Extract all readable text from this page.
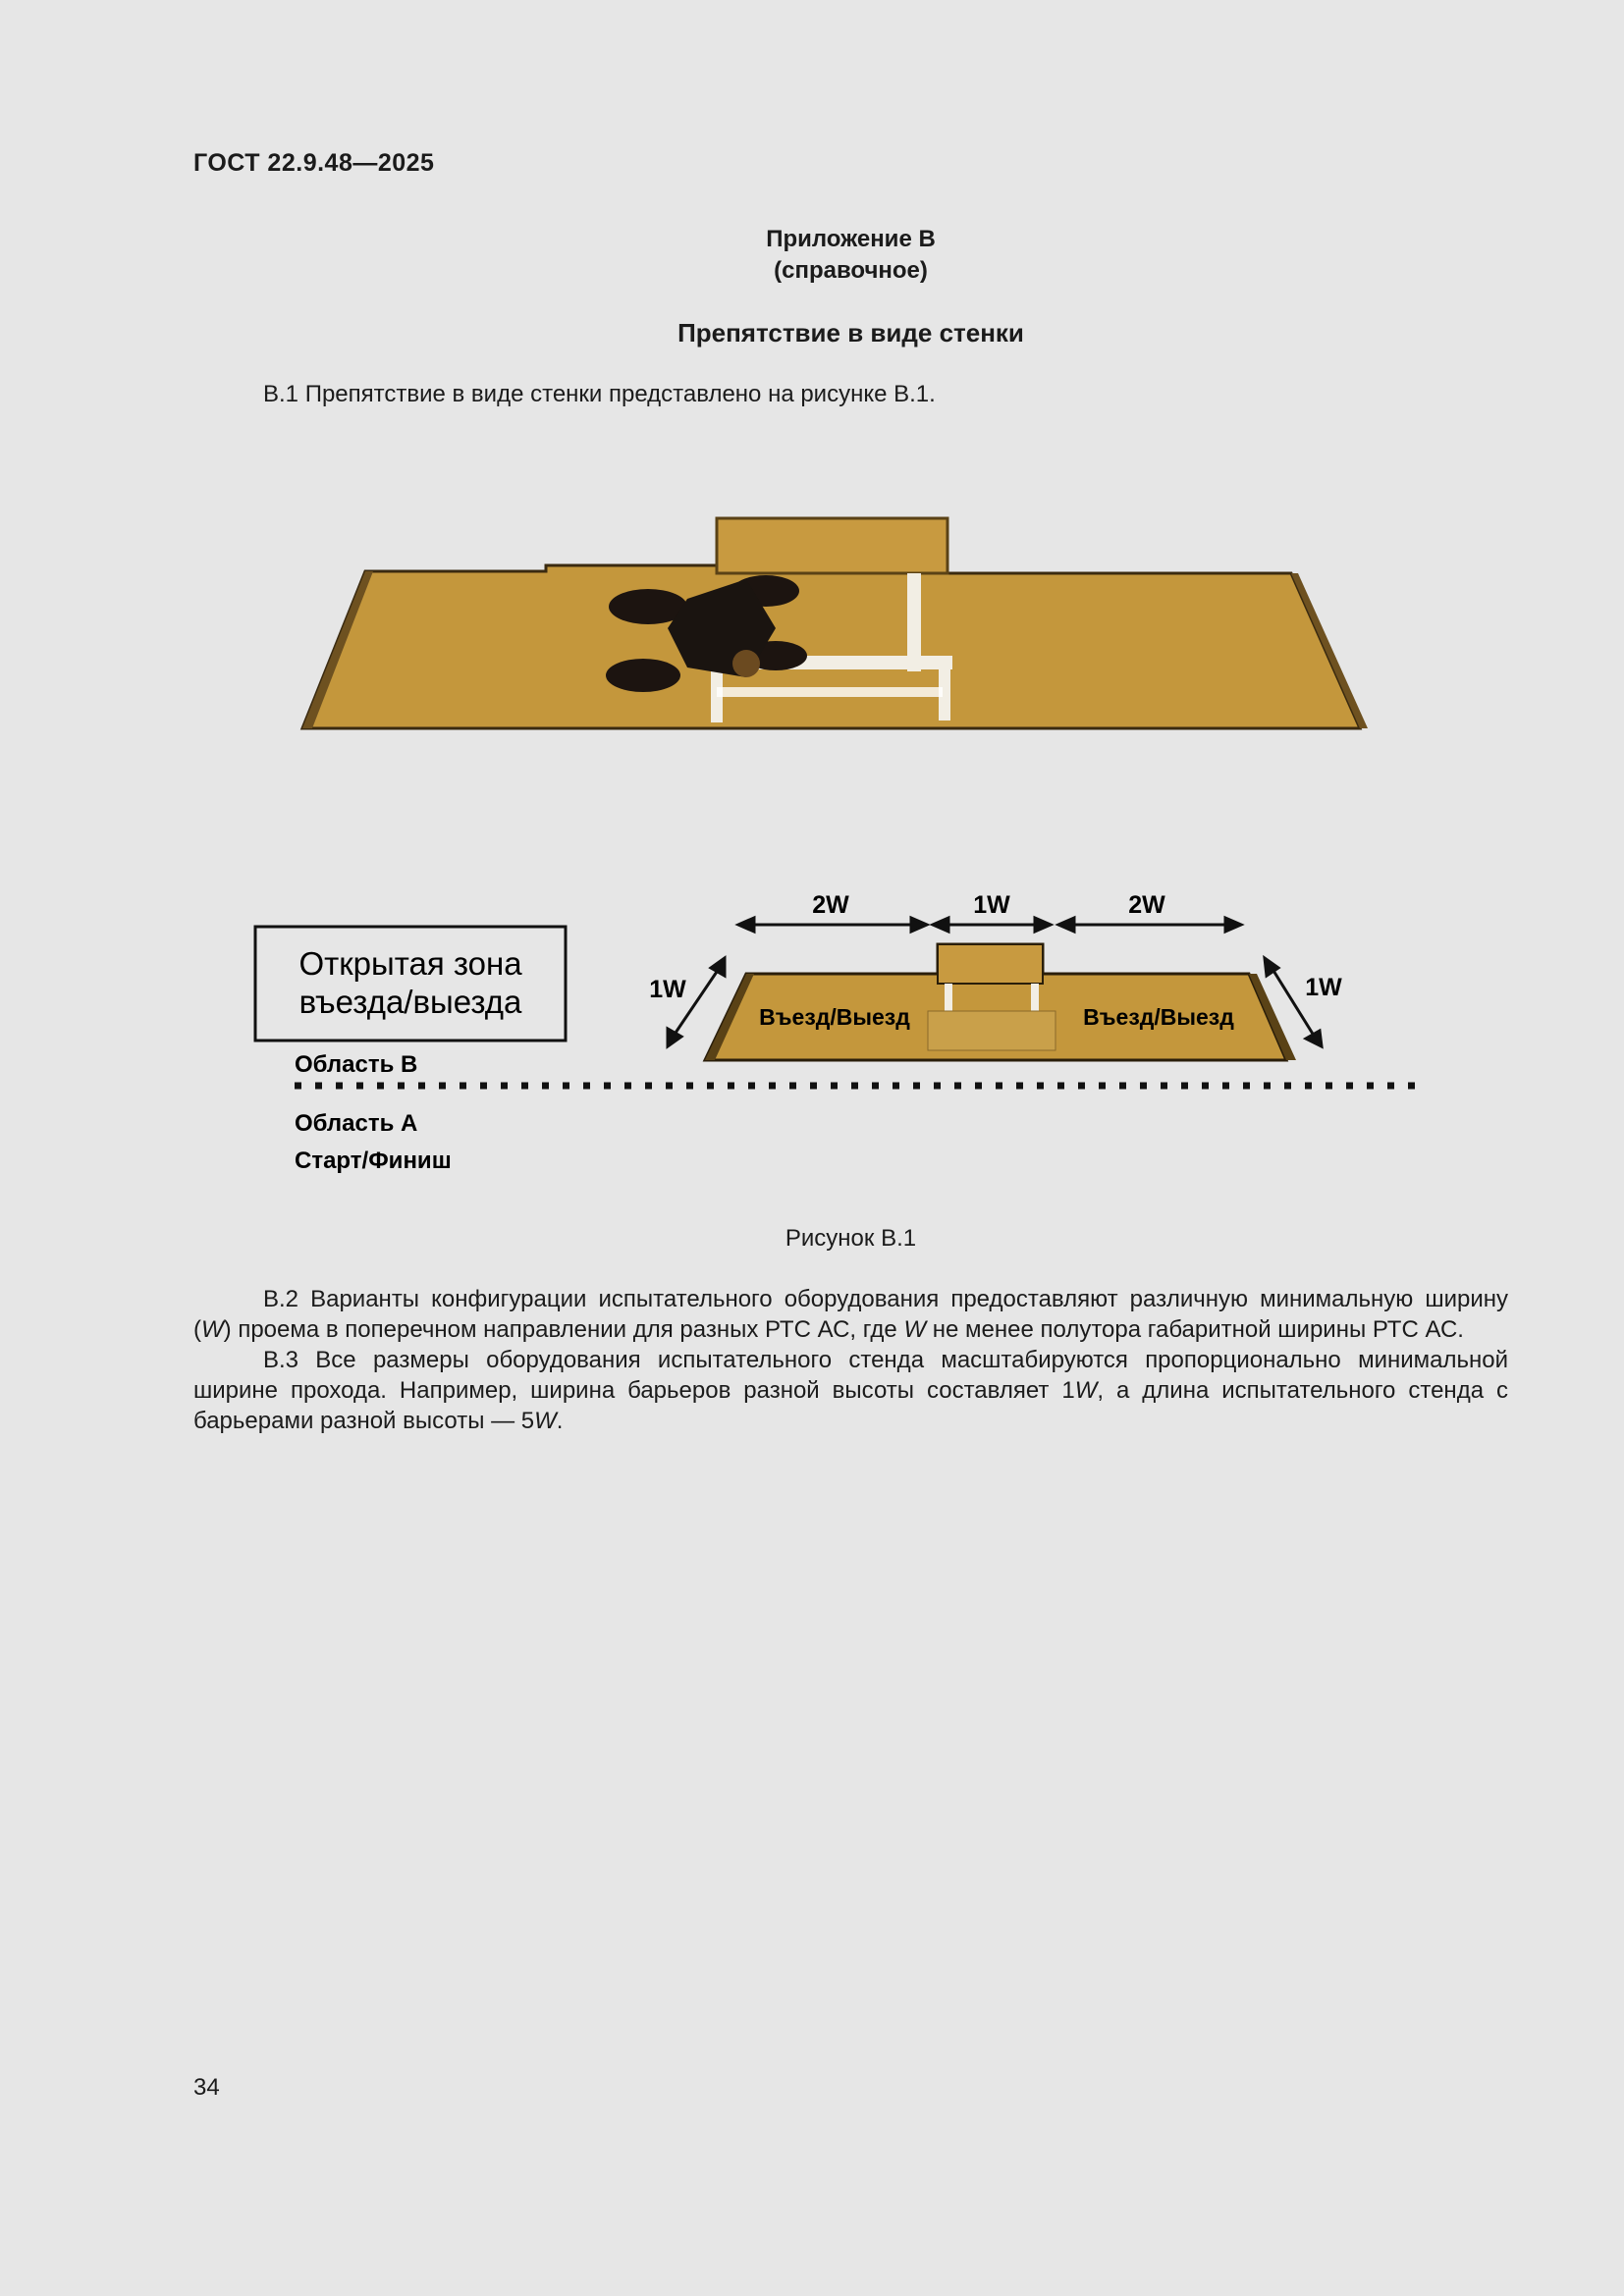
ГОСТ 22.9.48—2025
Приложение В
(справочное)
Препятствие в виде стенки
В.1 Препятствие в виде стенки представлено на рисунке В.1.
2W	1W	2W
1W	1W
Открытая зона
въезда/выезда
Область В
Область А
Старт/Финиш
Въезд/Выезд	Въезд/Выезд
Рисунок В.1
В.2 Варианты конфигурации испытательного оборудования предоставляют различную минимальную ширину
(W) проема в поперечном направлении для разных РТС АС, где W не менее полутора габаритной ширины РТС АС.
В.3 Все размеры оборудования испытательного стенда масштабируются пропорционально минимальной
ширине прохода. Например, ширина барьеров разной высоты составляет 1W, а длина испытательного стенда с
барьерами разной высоты — 5W.
34
